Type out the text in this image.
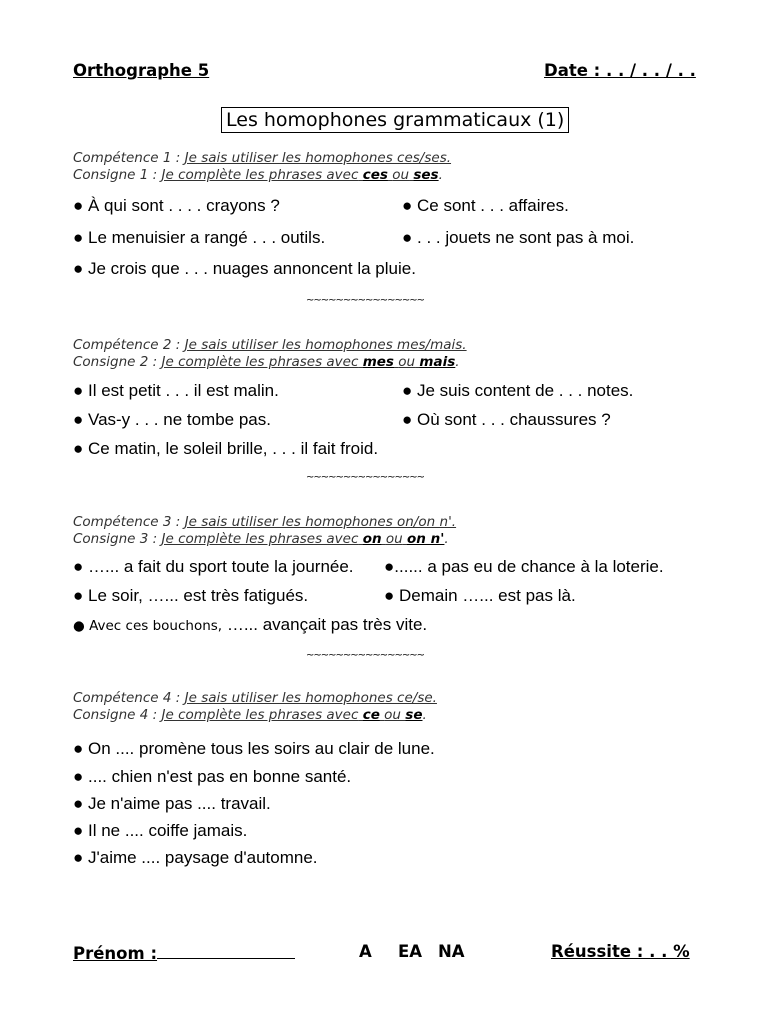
Orthographe 5	Date : . . / . . / . .
Les homophones grammaticaux (1)
Compétence 1 : Je sais utiliser les homophones ces/ses.
Consigne 1 : Je complète les phrases avec ces ou ses.
● À qui sont . . . . crayons ?	● Ce sont . . . affaires.
● Le menuisier a rangé . . . outils.	● . . . jouets ne sont pas à moi.
● Je crois que . . . nuages annoncent la pluie.
~~~~~~~~~~~~~~~~
Compétence 2 : Je sais utiliser les homophones mes/mais.
Consigne 2 : Je complète les phrases avec mes ou mais.
● Il est petit . . . il est malin.	● Je suis content de . . . notes.
● Vas-y . . . ne tombe pas.	● Où sont . . . chaussures ?
● Ce matin, le soleil brille, . . . il fait froid.
~~~~~~~~~~~~~~~~
Compétence 3 : Je sais utiliser les homophones on/on n'.
Consigne 3 : Je complète les phrases avec on ou on n'.
● …... a fait du sport toute la journée. ●...... a pas eu de chance à la loterie.
● Le soir, …... est très fatigués.	● Demain …... est pas là.
● Avec ces bouchons, …... avançait pas très vite.
~~~~~~~~~~~~~~~~
Compétence 4 : Je sais utiliser les homophones ce/se.
Consigne 4 : Je complète les phrases avec ce ou se.
● On .... promène tous les soirs au clair de lune.
● .... chien n'est pas en bonne santé.
● Je n'aime pas .... travail.
● Il ne .... coiffe jamais.
● J'aime .... paysage d'automne.
Prénom :	A EA NA	Réussite : . . %
